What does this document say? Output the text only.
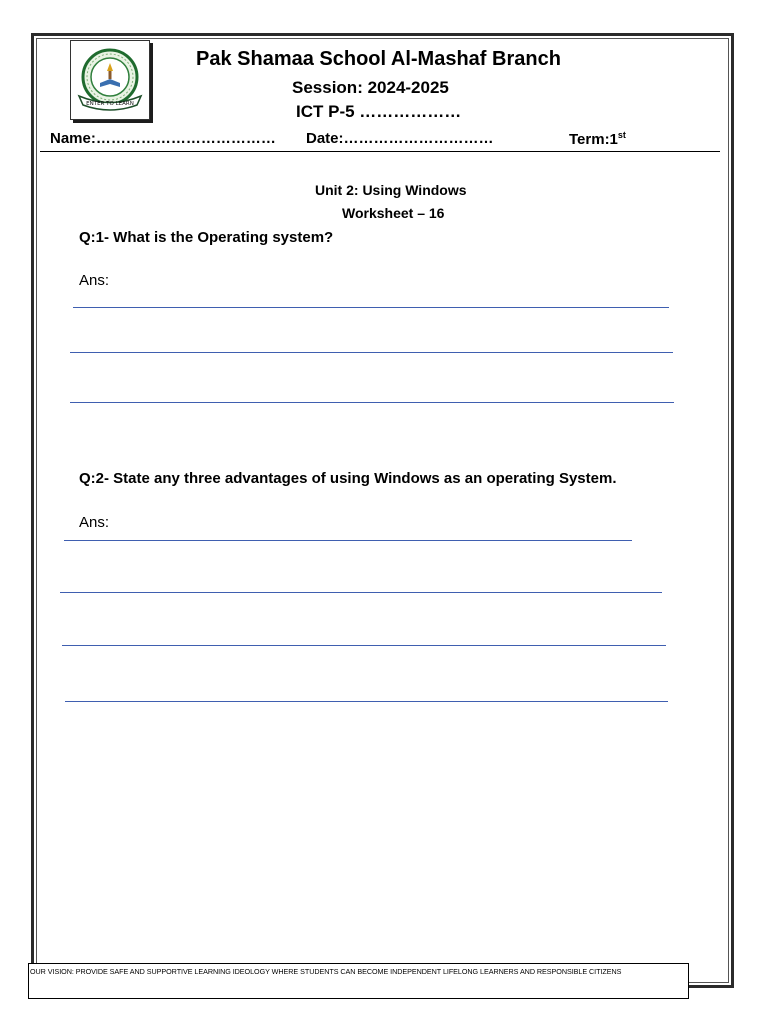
ENTER TO LEARN
Pak Shamaa School Al-Mashaf Branch
Session: 2024-2025
ICT P-5 ………………
Name:……………………………… Date:…………………………	Term:1st
Unit 2: Using Windows
Worksheet – 16
Q:1- What is the Operating system?
Ans:
Q:2- State any three advantages of using Windows as an operating System.
Ans:
OUR VISION: PROVIDE SAFE AND SUPPORTIVE LEARNING IDEOLOGY WHERE STUDENTS CAN BECOME INDEPENDENT LIFELONG LEARNERS AND RESPONSIBLE CITIZENS
